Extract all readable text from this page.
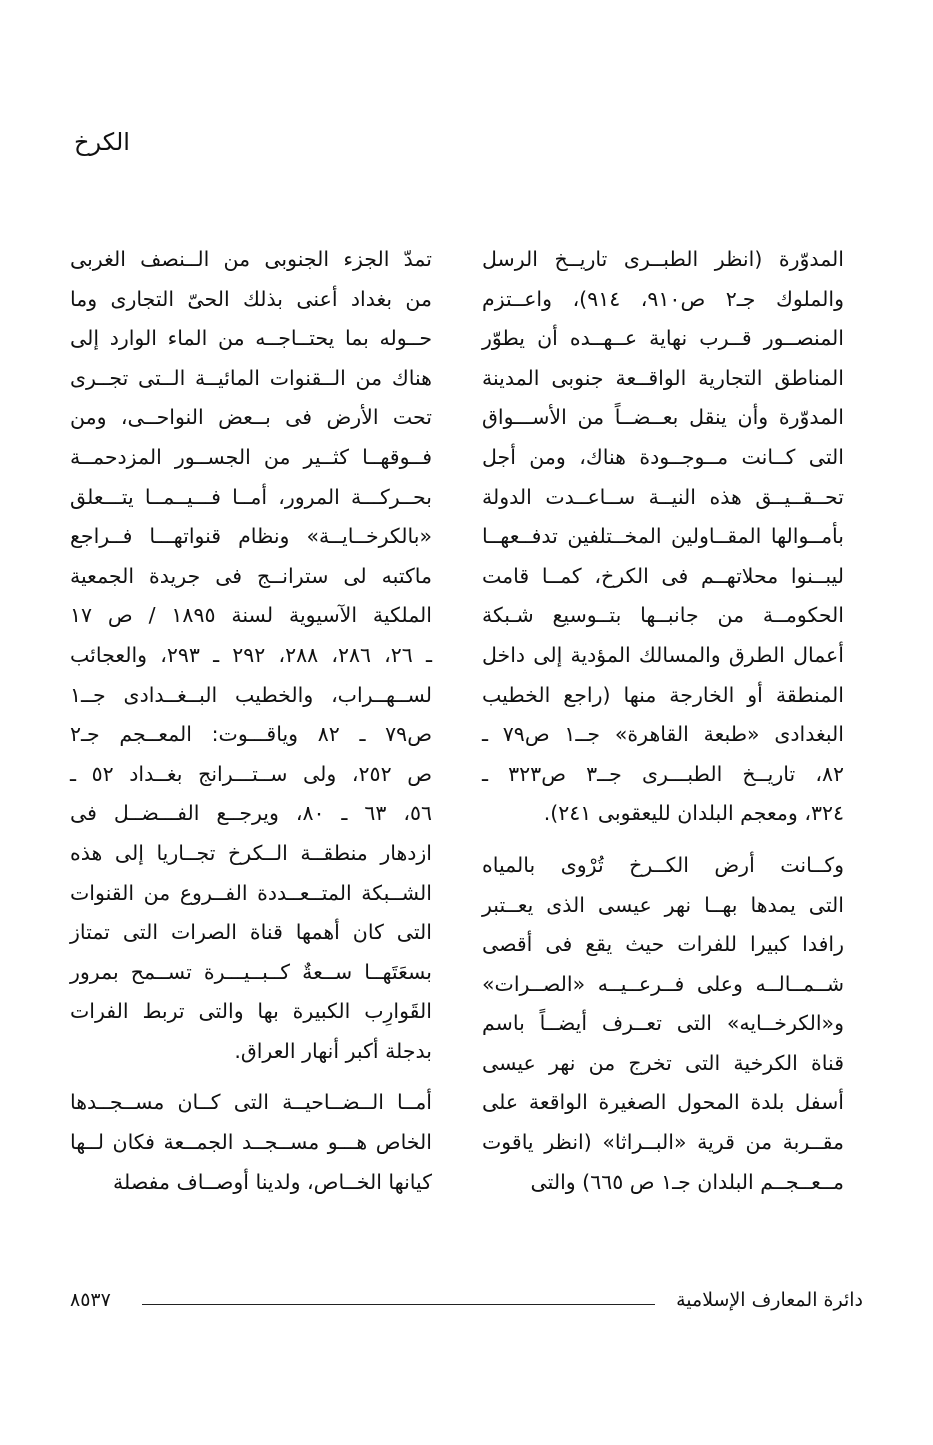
الكرخ
المدوّرة (انظر الطبــرى تاريــخ الرسل
والملوك جـ٢ ص٩١٠، ٩١٤)، واعــتزم
المنصــور قــرب نهاية عــهــده أن يطوّر
المناطق التجارية الواقــعة جنوبى المدينة
المدوّرة وأن ينقل بعــضــاً من الأســـواق
التى كــانت مــوجــودة هناك، ومن أجل
تحــقــيــق هذه النيــة ســاعــدت الدولة
بأمــوالها المقــاولين المخــتلفين تدفــعهــا
ليبــنوا محلاتهــم فى الكرخ، كمــا قامت
الحكومــة من جانبــها بتــوسيع شـبكة
أعمال الطرق والمسالك المؤدية إلى داخل
المنطقة أو الخارجة منها (راجع الخطيب
البغدادى «طبعة القاهرة» جــ١ ص٧٩ ـ
٨٢، تاريــخ الطبـــرى جــ٣ ص٣٢٣ ـ
٣٢٤، ومعجم البلدان لليعقوبى ٢٤١).
وكــانت أرض الكــرخ تُرْوى بالمياه
التى يمدها بهــا نهر عيسى الذى يعــتبر
رافدا كبيرا للفرات حيث يقع فى أقصى
شــمــالــه وعلى فــرعــيــه «الصــرات»
و«الكرخــايه» التى تعــرف أيضــاً باسم
قناة الكرخية التى تخرج من نهر عيسى
أسفل بلدة المحول الصغيرة الواقعة على
مقــربة من قرية «البــراثا» (انظر ياقوت
مــعــجــم البلدان جـ١ ص ٦٦٥) والتى
تمدّ الجزء الجنوبى من الــنصف الغربى
من بغداد أعنى بذلك الحىّ التجارى وما
حــوله بما يحتــاجــه من الماء الوارد إلى
هناك من الــقنوات المائيــة الــتى تجــرى
تحت الأرض فى بــعض النواحــى، ومن
فــوقهــا كثــير من الجســور المزدحمــة
بحــركـــة المرور، أمــا فـــيــمــا يتـــعلق
«بالكرخــايــة» ونظام قنواتهـــا فــراجع
ماكتبه لى سترانــج فى جريدة الجمعية
الملكية الآسيوية لسنة ١٨٩٥ / ص ١٧
ـ ٢٦، ٢٨٦، ٢٨٨، ٢٩٢ ـ ٢٩٣، والعجائب
لســهــراب، والخطيب البــغــدادى جــ١
ص٧٩ ـ ٨٢ وياقـــوت: المعــجم جـ٢
ص ٢٥٢، ولى ســتـــرانج بغــداد ٥٢ ـ
٥٦، ٦٣ ـ ٨٠، ويرجــع الفـــضــل فى
ازدهار منطقــة الــكرخ تجــاريا إلى هذه
الشــبكة المتــعــددة الفــروع من القنوات
التى كان أهمها قناة الصرات التى تمتاز
بسعَتَهــا ســعةٌ كــبــيـــرة تســمح بمرور
القَوارِب الكبيرة بها والتى تربط الفرات
بدجلة أكبر أنهار العراق.
أمــا الــضــاحيــة التى كــان مســجــدها
الخاص هـــو مســجــد الجمــعة فكان لــها
كيانها الخــاص، ولدينا أوصــاف مفصلة
دائرة المعارف الإسلامية
٨٥٣٧
